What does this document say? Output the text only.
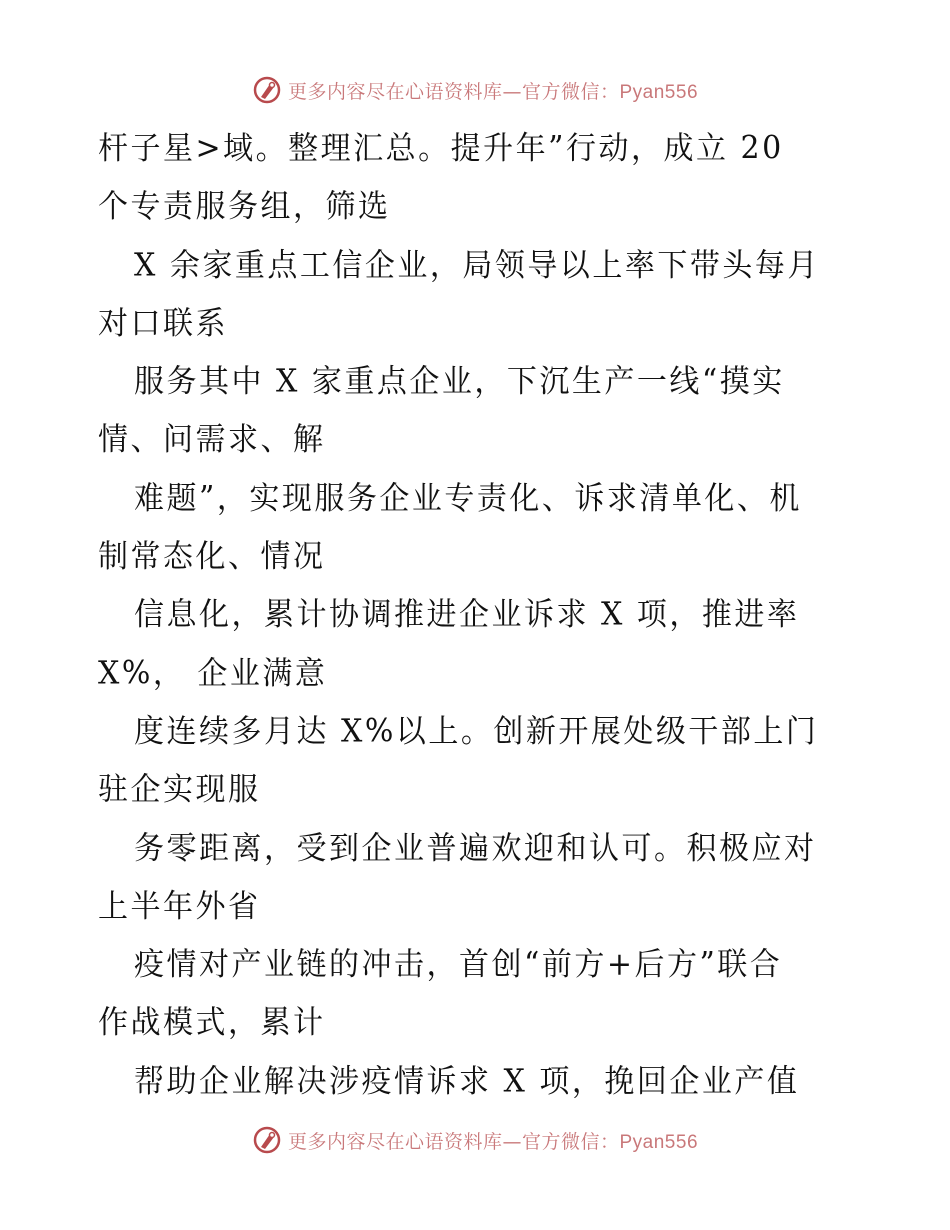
更多内容尽在心语资料库—官方微信：Pyan556
杆子星>域。整理汇总。提升年”行动，成立 20
个专责服务组，筛选
X 余家重点工信企业，局领导以上率下带头每月
对口联系
服务其中 X 家重点企业，下沉生产一线“摸实
情、问需求、解
难题”，实现服务企业专责化、诉求清单化、机
制常态化、情况
信息化，累计协调推进企业诉求 X 项，推进率
X%， 企业满意
度连续多月达 X%以上。创新开展处级干部上门
驻企实现服
务零距离，受到企业普遍欢迎和认可。积极应对
上半年外省
疫情对产业链的冲击，首创“前方+后方”联合
作战模式，累计
帮助企业解决涉疫情诉求 X 项，挽回企业产值
更多内容尽在心语资料库—官方微信：Pyan556
